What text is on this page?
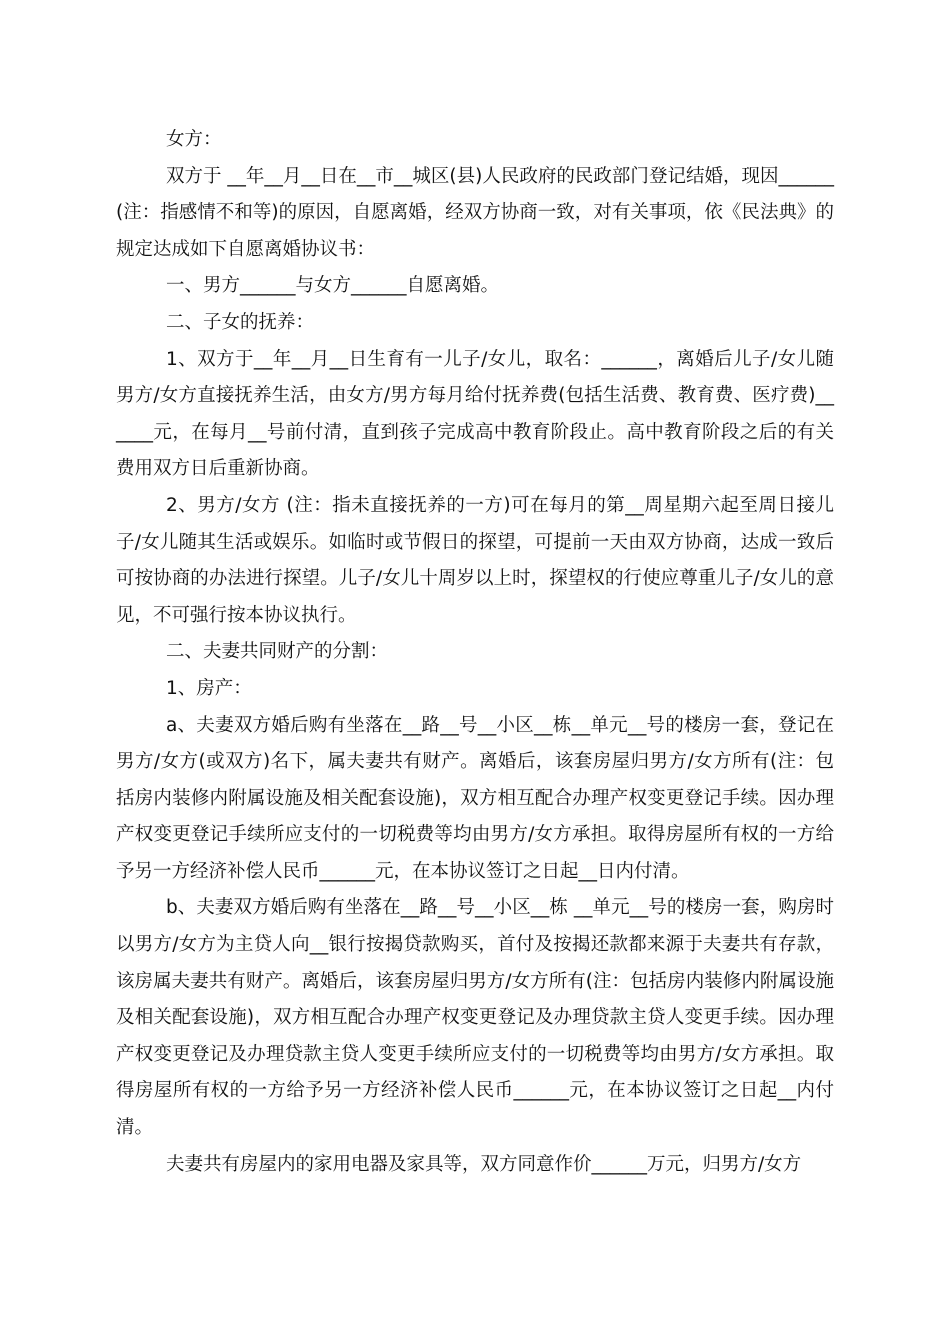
女方：

双方于 __年__月__日在__市__城区(县)人民政府的民政部门登记结婚，现因______(注：指感情不和等)的原因，自愿离婚，经双方协商一致，对有关事项，依《民法典》的规定达成如下自愿离婚协议书：

一、男方______与女方______自愿离婚。

二、子女的抚养：

1、双方于__年__月__日生育有一儿子/女儿，取名：______，离婚后儿子/女儿随男方/女方直接抚养生活，由女方/男方每月给付抚养费(包括生活费、教育费、医疗费)______元，在每月__号前付清，直到孩子完成高中教育阶段止。高中教育阶段之后的有关费用双方日后重新协商。

2、男方/女方 (注：指未直接抚养的一方)可在每月的第__周星期六起至周日接儿子/女儿随其生活或娱乐。如临时或节假日的探望，可提前一天由双方协商，达成一致后可按协商的办法进行探望。儿子/女儿十周岁以上时，探望权的行使应尊重儿子/女儿的意见，不可强行按本协议执行。

二、夫妻共同财产的分割：

1、房产：

a、夫妻双方婚后购有坐落在__路__号__小区__栋__单元__号的楼房一套，登记在男方/女方(或双方)名下，属夫妻共有财产。离婚后，该套房屋归男方/女方所有(注：包括房内装修内附属设施及相关配套设施)，双方相互配合办理产权变更登记手续。因办理产权变更登记手续所应支付的一切税费等均由男方/女方承担。取得房屋所有权的一方给予另一方经济补偿人民币______元，在本协议签订之日起__日内付清。

b、夫妻双方婚后购有坐落在__路__号__小区__栋 __单元__号的楼房一套，购房时以男方/女方为主贷人向__银行按揭贷款购买，首付及按揭还款都来源于夫妻共有存款，该房属夫妻共有财产。离婚后，该套房屋归男方/女方所有(注：包括房内装修内附属设施及相关配套设施)，双方相互配合办理产权变更登记及办理贷款主贷人变更手续。因办理产权变更登记及办理贷款主贷人变更手续所应支付的一切税费等均由男方/女方承担。取得房屋所有权的一方给予另一方经济补偿人民币______元，在本协议签订之日起__内付清。

夫妻共有房屋内的家用电器及家具等，双方同意作价______万元，归男方/女方
